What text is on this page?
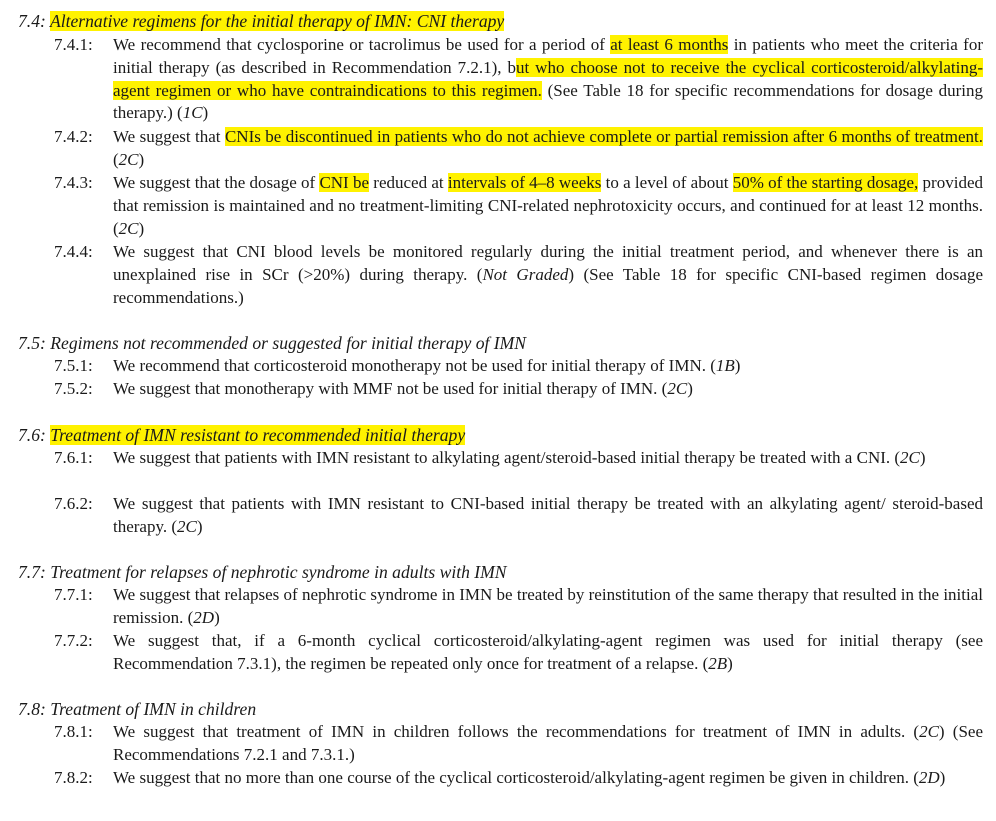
7.4: Alternative regimens for the initial therapy of IMN: CNI therapy
7.4.1: We recommend that cyclosporine or tacrolimus be used for a period of at least 6 months in patients who meet the criteria for initial therapy (as described in Recommendation 7.2.1), but who choose not to receive the cyclical corticosteroid/alkylating-agent regimen or who have contraindications to this regimen. (See Table 18 for specific recommendations for dosage during therapy.) (1C)
7.4.2: We suggest that CNIs be discontinued in patients who do not achieve complete or partial remission after 6 months of treatment. (2C)
7.4.3: We suggest that the dosage of CNI be reduced at intervals of 4–8 weeks to a level of about 50% of the starting dosage, provided that remission is maintained and no treatment-limiting CNI-related nephrotoxicity occurs, and continued for at least 12 months. (2C)
7.4.4: We suggest that CNI blood levels be monitored regularly during the initial treatment period, and whenever there is an unexplained rise in SCr (>20%) during therapy. (Not Graded) (See Table 18 for specific CNI-based regimen dosage recommendations.)
7.5: Regimens not recommended or suggested for initial therapy of IMN
7.5.1: We recommend that corticosteroid monotherapy not be used for initial therapy of IMN. (1B)
7.5.2: We suggest that monotherapy with MMF not be used for initial therapy of IMN. (2C)
7.6: Treatment of IMN resistant to recommended initial therapy
7.6.1: We suggest that patients with IMN resistant to alkylating agent/steroid-based initial therapy be treated with a CNI. (2C)
7.6.2: We suggest that patients with IMN resistant to CNI-based initial therapy be treated with an alkylating agent/ steroid-based therapy. (2C)
7.7: Treatment for relapses of nephrotic syndrome in adults with IMN
7.7.1: We suggest that relapses of nephrotic syndrome in IMN be treated by reinstitution of the same therapy that resulted in the initial remission. (2D)
7.7.2: We suggest that, if a 6-month cyclical corticosteroid/alkylating-agent regimen was used for initial therapy (see Recommendation 7.3.1), the regimen be repeated only once for treatment of a relapse. (2B)
7.8: Treatment of IMN in children
7.8.1: We suggest that treatment of IMN in children follows the recommendations for treatment of IMN in adults. (2C) (See Recommendations 7.2.1 and 7.3.1.)
7.8.2: We suggest that no more than one course of the cyclical corticosteroid/alkylating-agent regimen be given in children. (2D)
